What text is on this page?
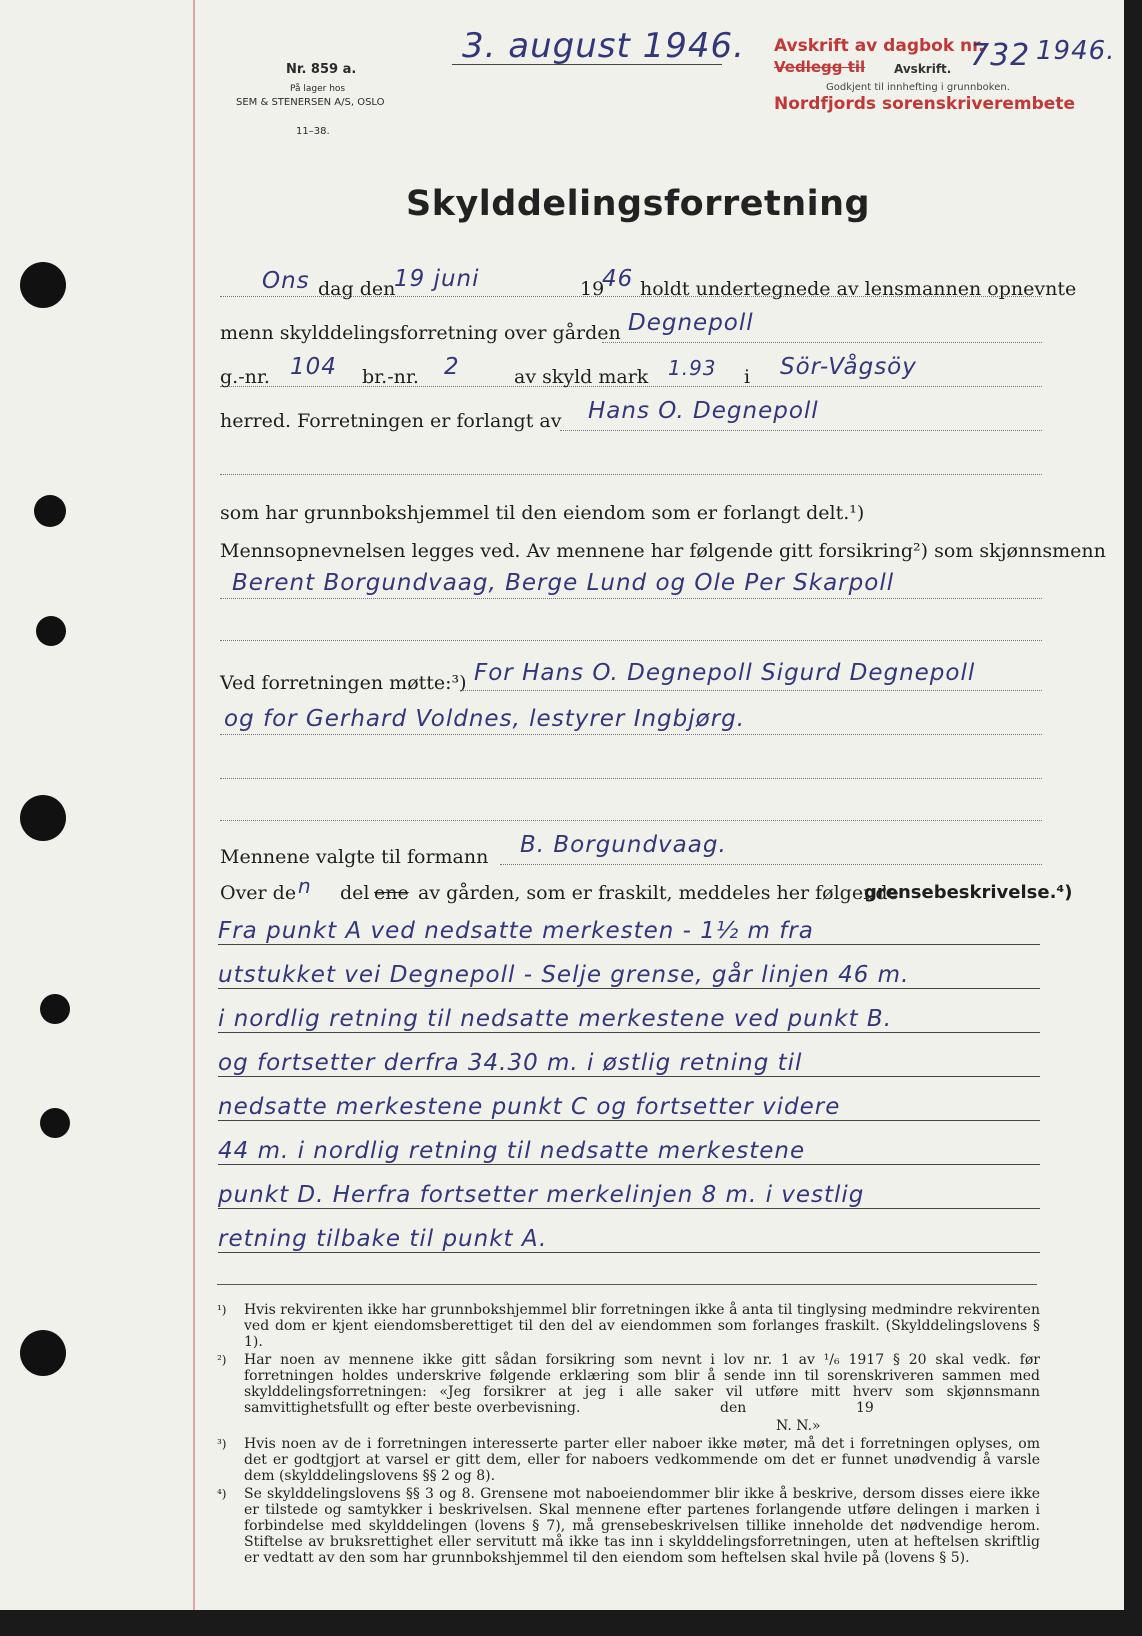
Nr. 859 a.
På lager hos
SEM & STENERSEN A/S, OSLO
11–38.
3. august 1946. Avskrift av dagbok nr.
Vedlegg til Avskrift.
Godkjent til innhefting i grunnboken.
Nordfjords sorenskriverembete
732 1946.
Skylddelingsforretning
Ons dag den
19 juni	19
46 holdt undertegnede av lensmannen opnevnte
menn skylddelingsforretning over gården Degnepoll
g.-nr. 104 br.-nr. 2	av skyld mark 1.93 i Sör-Vågsöy
herred. Forretningen er forlangt av Hans O. Degnepoll
som har grunnbokshjemmel til den eiendom som er forlangt delt.¹)
Mennsopnevnelsen legges ved. Av mennene har følgende gitt forsikring²) som skjønnsmenn
Berent Borgundvaag, Berge Lund og Ole Per Skarpoll
Ved forretningen møtte:³) For Hans O. Degnepoll Sigurd Degnepoll
og for Gerhard Voldnes, lestyrer Ingbjørg.
Mennene valgte til formann B. Borgundvaag.
Over de n del ene av gården, som er fraskilt, meddeles her følgende
grensebeskrivelse.⁴)
Fra punkt A ved nedsatte merkesten - 1½ m fra
utstukket vei Degnepoll - Selje grense, går linjen 46 m.
i nordlig retning til nedsatte merkestene ved punkt B.
og fortsetter derfra 34.30 m. i østlig retning til
nedsatte merkestene punkt C og fortsetter videre
44 m. i nordlig retning til nedsatte merkestene
punkt D. Herfra fortsetter merkelinjen 8 m. i vestlig
retning tilbake til punkt A.
¹) Hvis rekvirenten ikke har grunnbokshjemmel blir forretningen ikke å anta til tinglysing medmindre rekvirenten ved dom er kjent eiendomsberettiget til den del av eiendommen som forlanges fraskilt. (Skylddelingslovens § 1).
²) Har noen av mennene ikke gitt sådan forsikring som nevnt i lov nr. 1 av ¹/₆ 1917 § 20 skal vedk. før forretningen holdes underskrive følgende erklæring som blir å sende inn til sorenskriveren sammen med skylddelingsforretningen: «Jeg forsikrer at jeg i alle saker vil utføre mitt hverv som skjønnsmann samvittighetsfullt og efter beste overbevisning.	den	19
N. N.»
³) Hvis noen av de i forretningen interesserte parter eller naboer ikke møter, må det i forretningen oplyses, om det er godtgjort at varsel er gitt dem, eller for naboers vedkommende om det er funnet unødvendig å varsle dem (skylddelingslovens §§ 2 og 8).
⁴) Se skylddelingslovens §§ 3 og 8. Grensene mot naboeiendommer blir ikke å beskrive, dersom disses eiere ikke er tilstede og samtykker i beskrivelsen. Skal mennene efter partenes forlangende utføre delingen i marken i forbindelse med skylddelingen (lovens § 7), må grensebeskrivelsen tillike inneholde det nødvendige herom. Stiftelse av bruksrettighet eller servitutt må ikke tas inn i skylddelingsforretningen, uten at heftelsen skriftlig er vedtatt av den som har grunnbokshjemmel til den eiendom som heftelsen skal hvile på (lovens § 5).
